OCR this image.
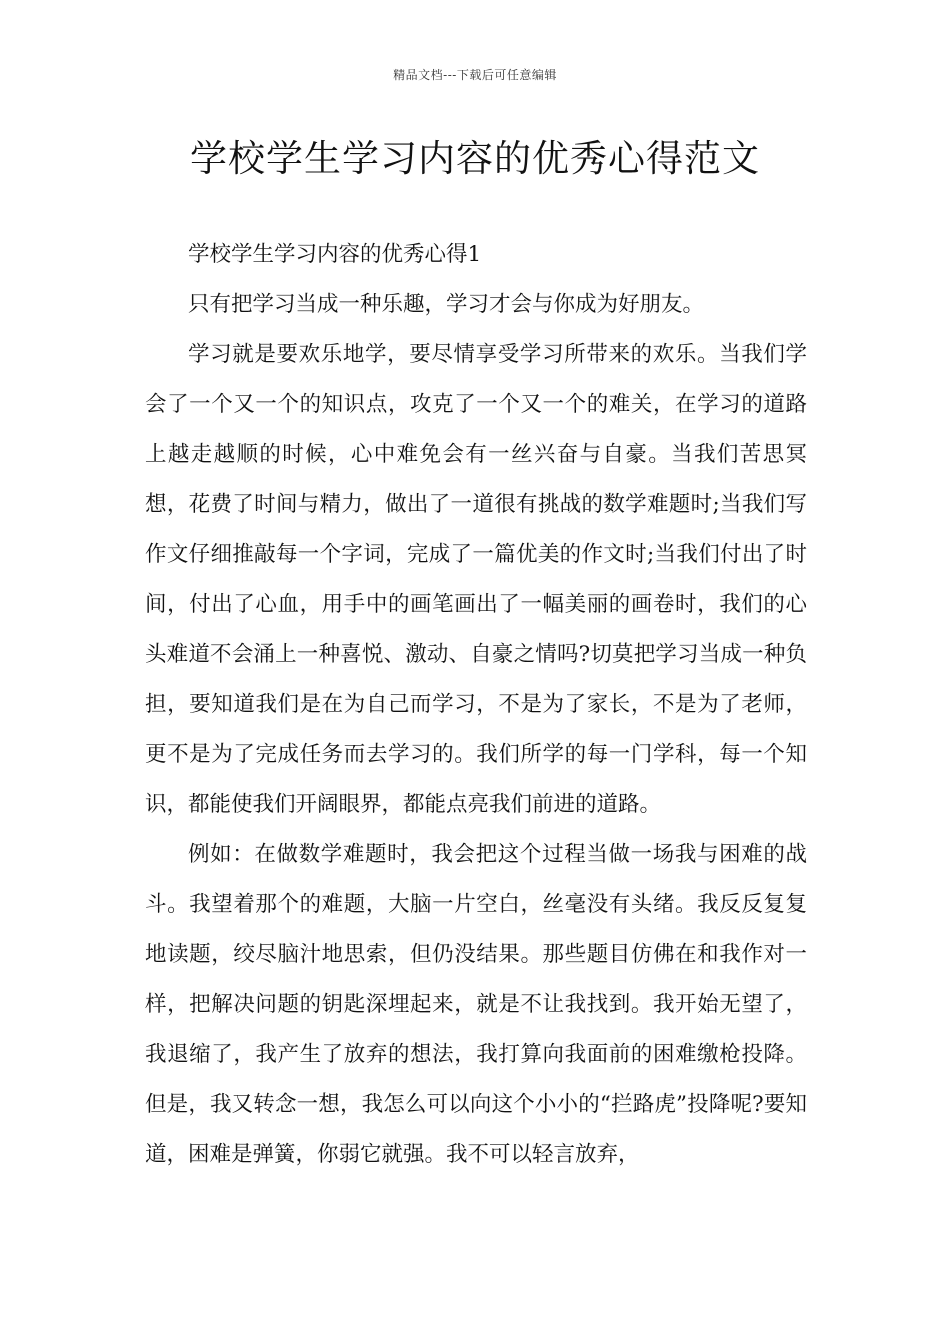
精品文档---下载后可任意编辑
学校学生学习内容的优秀心得范文

学校学生学习内容的优秀心得1

只有把学习当成一种乐趣，学习才会与你成为好朋友。

学习就是要欢乐地学，要尽情享受学习所带来的欢乐。当我们学会了一个又一个的知识点，攻克了一个又一个的难关，在学习的道路上越走越顺的时候，心中难免会有一丝兴奋与自豪。当我们苦思冥想，花费了时间与精力，做出了一道很有挑战的数学难题时;当我们写作文仔细推敲每一个字词，完成了一篇优美的作文时;当我们付出了时间，付出了心血，用手中的画笔画出了一幅美丽的画卷时，我们的心头难道不会涌上一种喜悦、激动、自豪之情吗?切莫把学习当成一种负担，要知道我们是在为自己而学习，不是为了家长，不是为了老师，更不是为了完成任务而去学习的。我们所学的每一门学科，每一个知识，都能使我们开阔眼界，都能点亮我们前进的道路。

例如：在做数学难题时，我会把这个过程当做一场我与困难的战斗。我望着那个的难题，大脑一片空白，丝毫没有头绪。我反反复复地读题，绞尽脑汁地思索，但仍没结果。那些题目仿佛在和我作对一样，把解决问题的钥匙深埋起来，就是不让我找到。我开始无望了，我退缩了，我产生了放弃的想法，我打算向我面前的困难缴枪投降。但是，我又转念一想，我怎么可以向这个小小的“拦路虎”投降呢?要知道，困难是弹簧，你弱它就强。我不可以轻言放弃，
